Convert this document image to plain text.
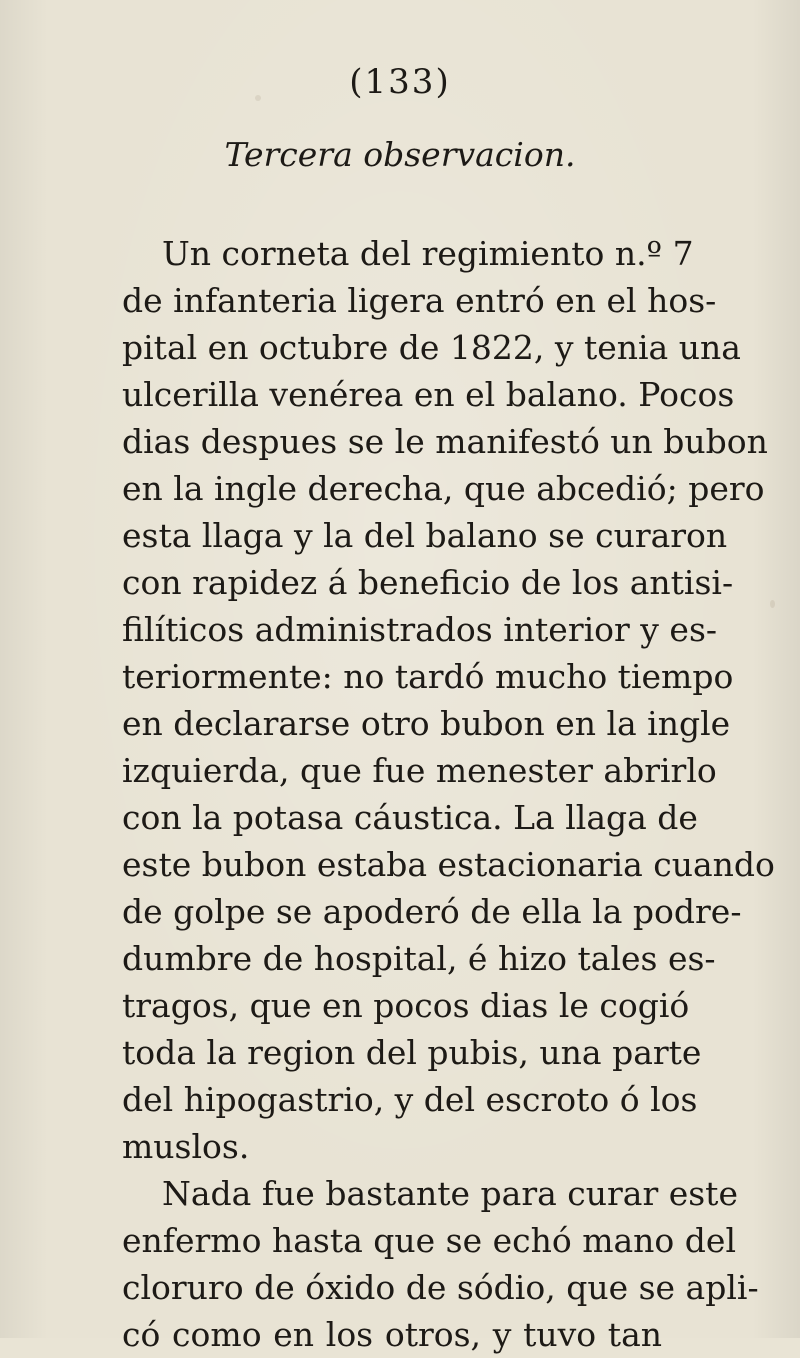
(133)
Tercera observacion.
Un corneta del regimiento n.º 7
de infanteria ligera entró en el hos-
pital en octubre de 1822, y tenia una
ulcerilla venérea en el balano. Pocos
dias despues se le manifestó un bubon
en la ingle derecha, que abcedió; pero
esta llaga y la del balano se curaron
con rapidez á beneficio de los antisi-
filíticos administrados interior y es-
teriormente: no tardó mucho tiempo
en declararse otro bubon en la ingle
izquierda, que fue menester abrirlo
con la potasa cáustica. La llaga de
este bubon estaba estacionaria cuando
de golpe se apoderó de ella la podre-
dumbre de hospital, é hizo tales es-
tragos, que en pocos dias le cogió
toda la region del pubis, una parte
del hipogastrio, y del escroto ó los
muslos.
Nada fue bastante para curar este
enfermo hasta que se echó mano del
cloruro de óxido de sódio, que se apli-
có como en los otros, y tuvo tan
